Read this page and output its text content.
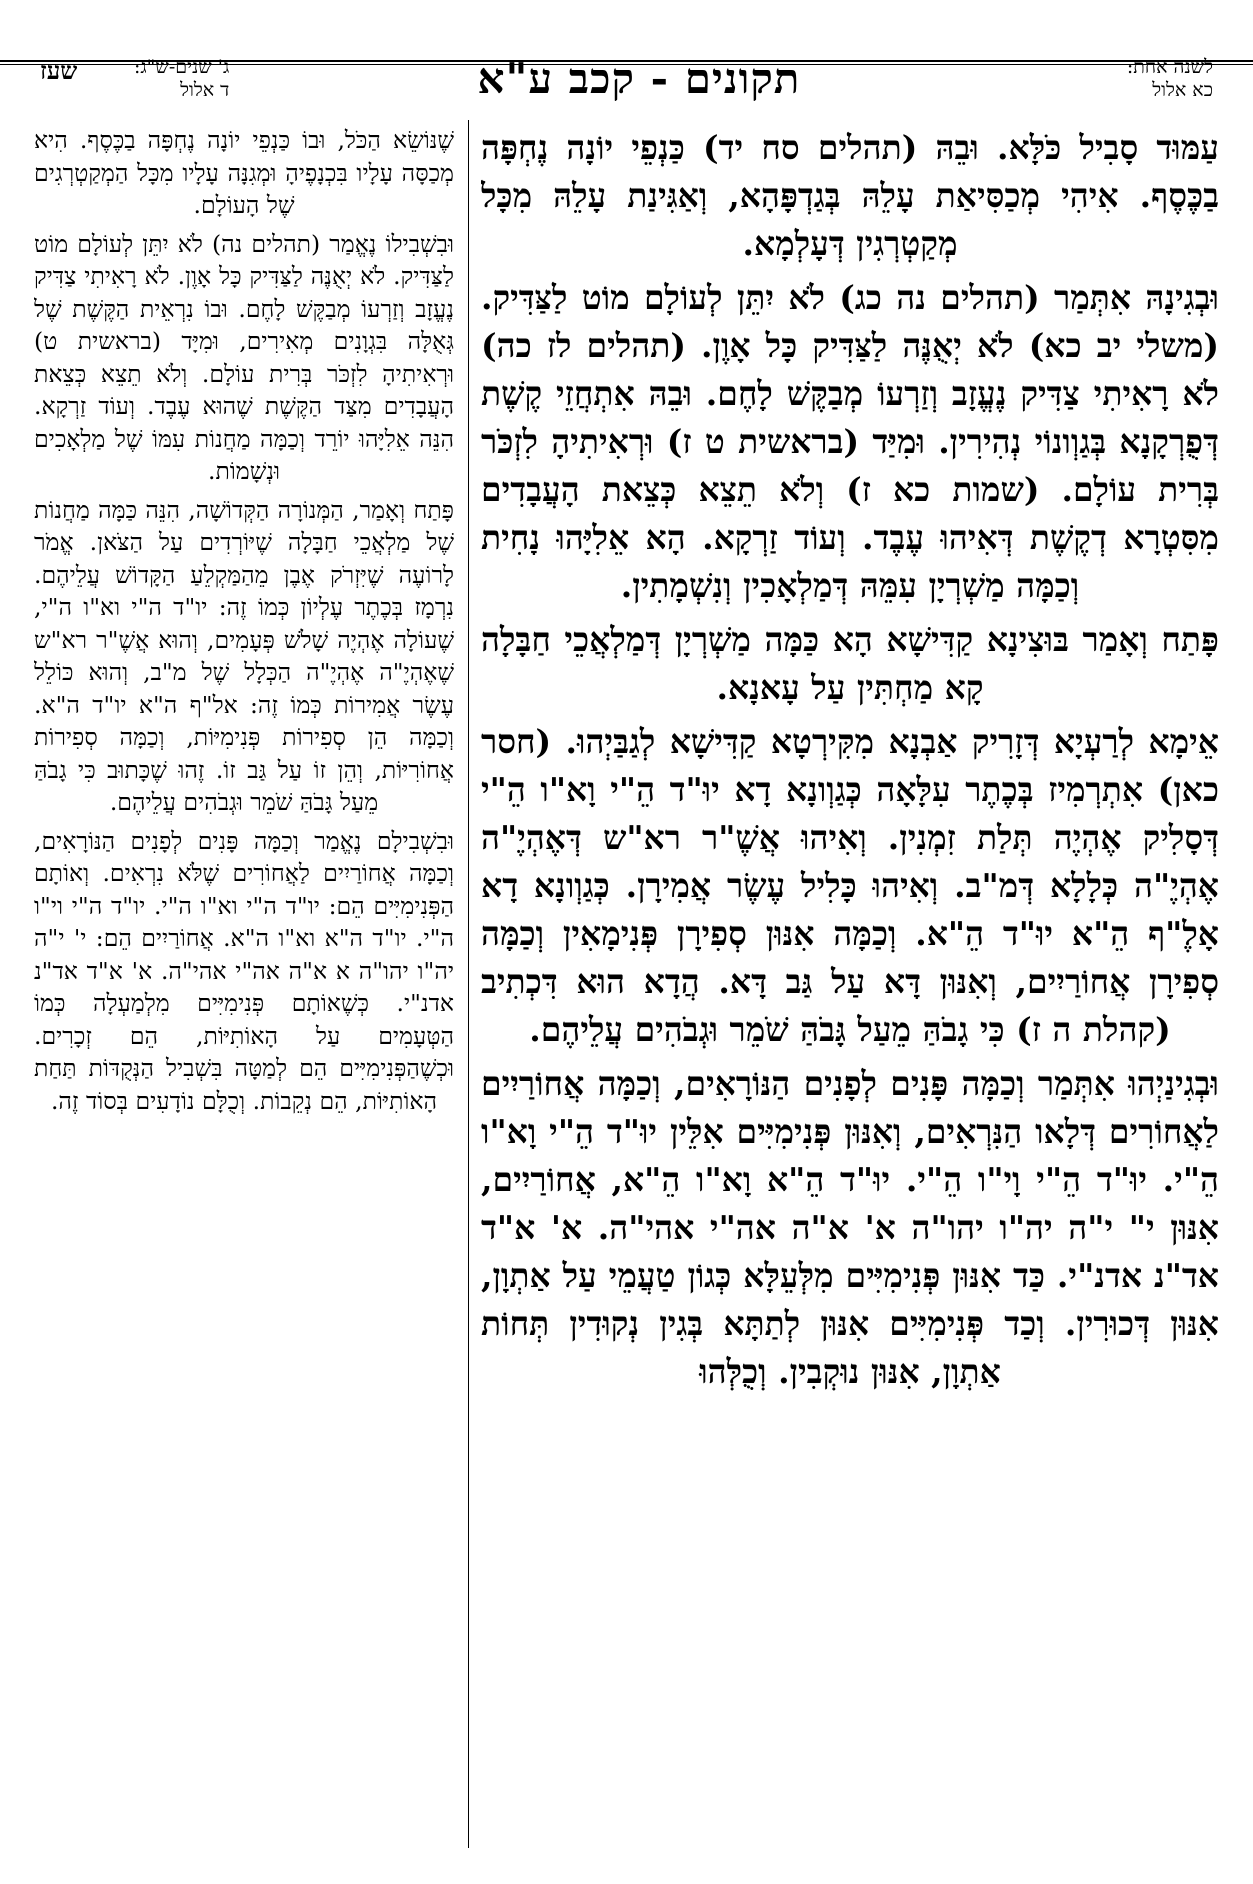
לשנה אחת:
כא אלול
תקונים - קכב ע"א
ג' שנים-ש"ג:
ד אלול
שעז

עַמּוּד סָבִיל כֹּלָּא. וּבֵהּ (תהלים סח יד) כַּנְפֵי יוֹנָה נֶחְפָּה בַכֶּסֶף. אִיהִי מְכַסִּיאַת עָלֵהּ בְּגַדְפָּהָא, וְאַגִּינַת עָלֵהּ מִכָּל מְקַטְרְגִין דְּעָלְמָא.

וּבְגִינָהּ אִתְּמַר (תהלים נה כג) לֹא יִתֵּן לְעוֹלָם מוֹט לַצַּדִּיק. (משלי יב כא) לֹא יְאֻנֶּה לַצַּדִּיק כָּל אָוֶן. (תהלים לז כה) לֹא רָאִיתִי צַדִּיק נֶעֱזָב וְזַרְעוֹ מְבַקֶּשׁ לָחֶם. וּבֵהּ אִתְחֲזֵי קֶשֶׁת דְּפֻרְקָנָא בְּגַוְונוֹי נְהִירִין. וּמִיַּד (בראשית ט ז) וּרְאִיתִיהָ לִזְכֹּר בְּרִית עוֹלָם. (שמות כא ז) וְלֹא תֵצֵא כְּצֵאת הָעֲבָדִים מִסִּטְרָא דְקֶשֶׁת דְּאִיהוּ עֶבֶד. וְעוֹד זַרְקָא. הָא אֵלִיָּהוּ נָחִית וְכַמָּה מַשְׁרְיָן עִמֵּהּ דְּמַלְאָכִין וְנִשְׁמָתִין.

פָּתַח וְאָמַר בּוּצִינָא קַדִּישָׁא הָא כַּמָּה מַשְׁרְיָן דְּמַלְאֲכֵי חַבָּלָה קָא מַחְתִּין עַל עָאנָא.

אֵימָא לְרַעְיָא דְּזָרִיק אַבְנָא מִקִּירְטָא קַדִּישָׁא לְגַבַּיְהוּ. (חסר כאן) אִתְרְמִיז בְּכֶתֶר עִלָּאָה כְּגַוְונָא דָא יוּ"ד הֵ"י וָא"ו הֵ"י דְּסָלִיק אֶהְיֶה תְּלַת זִמְנִין. וְאִיהוּ אֲשֶׁ"ר רא"ש דְּאֶהְיֶ"ה אֶהְיֶ"ה כְּלָלָא דְּמ"ב. וְאִיהוּ כָּלִיל עֶשֶׂר אֲמִירָן. כְּגַוְונָא דָא אָלֶ"ף הֵ"א יוּ"ד הֵ"א. וְכַמָּה אִנּוּן סְפִירָן פְּנִימָאִין וְכַמָּה סְפִירָן אֲחוֹרַיִים, וְאִנּוּן דָּא עַל גַּב דָּא. הֲדָא הוּא דִּכְתִיב (קהלת ה ז) כִּי גָבֹהַּ מֵעַל גָּבֹהַּ שֹׁמֵר וּגְבֹהִים עֲלֵיהֶם.

וּבְגִינַיְהוּ אִתְּמַר וְכַמָּה פָּנִים לְפָנִים הַנּוֹרָאִים, וְכַמָּה אֲחוֹרַיִים לַאֲחוֹרִים דְּלָאו הַנִּרְאִים, וְאִנּוּן פְּנִימִיִּים אִלֵּין יוּ"ד הֵ"י וָא"ו הֵ"י. יוּ"ד הֵ"י וָי"ו הֵ"י. יוּ"ד הֵ"א וָא"ו הֵ"א, אֲחוֹרַיִים, אִנּוּן י" י"ה יה"ו יהו"ה א' א"ה אה"י אהי"ה. א' א"ד אד"נ אדנ"י. כַּד אִנּוּן פְּנִימִיִּים מִלְּעֵלָּא כְּגוֹן טַעֲמֵי עַל אַתְוָן, אִנּוּן דְּכוּרִין. וְכַד פְּנִימִיִּים אִנּוּן לְתַתָּא בְּגִין נְקוּדִין תְּחוֹת אַתְוָן, אִנּוּן נוּקְבִין. וְכֻלְּהוּ

שֶׁנּוֹשֵׂא הַכֹּל, וּבוֹ כַּנְפֵי יוֹנָה נֶחְפָּה בַכֶּסֶף. הִיא מְכַסָּה עָלָיו בִּכְנָפֶיהָ וּמְגִנָּה עָלָיו מִכָּל הַמְקַטְרְגִים שֶׁל הָעוֹלָם.

וּבִשְׁבִילוֹ נֶאֱמַר (תהלים נה) לֹא יִתֵּן לְעוֹלָם מוֹט לַצַּדִּיק. לֹא יְאֻנֶּה לַצַּדִּיק כָּל אָוֶן. לֹא רָאִיתִי צַדִּיק נֶעֱזָב וְזַרְעוֹ מְבַקֶּשׁ לָחֶם. וּבוֹ נִרְאֵית הַקֶּשֶׁת שֶׁל גְּאֻלָּה בִּגְוָנִים מְאִירִים, וּמִיָּד (בראשית ט) וּרְאִיתִיהָ לִזְכֹּר בְּרִית עוֹלָם. וְלֹא תֵצֵא כְּצֵאת הָעֲבָדִים מִצַּד הַקֶּשֶׁת שֶׁהוּא עֶבֶד. וְעוֹד זַרְקָא. הִנֵּה אֵלִיָּהוּ יוֹרֵד וְכַמָּה מַחֲנוֹת עִמּוֹ שֶׁל מַלְאָכִים וּנְשָׁמוֹת.

פָּתַח וְאָמַר, הַמְּנוֹרָה הַקְּדוֹשָׁה, הִנֵּה כַּמָּה מַחֲנוֹת שֶׁל מַלְאֲכֵי חַבָּלָה שֶׁיּוֹרְדִים עַל הַצֹּאן. אֱמֹר לָרוֹעֶה שֶׁיִּזְרֹק אֶבֶן מֵהַמַּקְלֵעַ הַקָּדוֹשׁ עֲלֵיהֶם. נִרְמָז בְּכֶתֶר עֶלְיוֹן כְּמוֹ זֶה: יו"ד ה"י וא"ו ה"י, שֶׁעוֹלָה אֶהְיֶה שָׁלֹשׁ פְּעָמִים, וְהוּא אֲשֶׁ"ר רא"ש שֶׁאֶהְיֶ"ה אֶהְיֶ"ה הַכְּלָל שֶׁל מ"ב, וְהוּא כּוֹלֵל עֶשֶׂר אֲמִירוֹת כְּמוֹ זֶה: אל"ף ה"א יו"ד ה"א. וְכַמָּה הֵן סְפִירוֹת פְּנִימִיּוֹת, וְכַמָּה סְפִירוֹת אֲחוֹרִיּוֹת, וְהֵן זוֹ עַל גַּב זוֹ. זֶהוּ שֶׁכָּתוּב כִּי גָבֹהַּ מֵעַל גָּבֹהַּ שֹׁמֵר וּגְבֹהִים עֲלֵיהֶם.

וּבִשְׁבִילָם נֶאֱמַר וְכַמָּה פָּנִים לְפָנִים הַנּוֹרָאִים, וְכַמָּה אֲחוֹרַיִים לַאֲחוֹרִים שֶׁלֹּא נִרְאִים. וְאוֹתָם הַפְּנִימִיִּים הֵם: יו"ד ה"י וא"ו ה"י. יו"ד ה"י וי"ו ה"י. יו"ד ה"א וא"ו ה"א. אֲחוֹרַיִים הֵם: י' י"ה יה"ו יהו"ה א א"ה אה"י אהי"ה. א' א"ד אד"נ אדנ"י. כְּשֶׁאוֹתָם פְּנִימִיִּים מִלְמַעְלָה כְּמוֹ הַטְּעָמִים עַל הָאוֹתִיּוֹת, הֵם זְכָרִים. וּכְשֶׁהַפְּנִימִיִּים הֵם לְמַטָּה בִּשְׁבִיל הַנְּקֻדּוֹת תַּחַת הָאוֹתִיּוֹת, הֵם נְקֵבוֹת. וְכֻלָּם נוֹדָעִים בְּסוֹד זֶה.
